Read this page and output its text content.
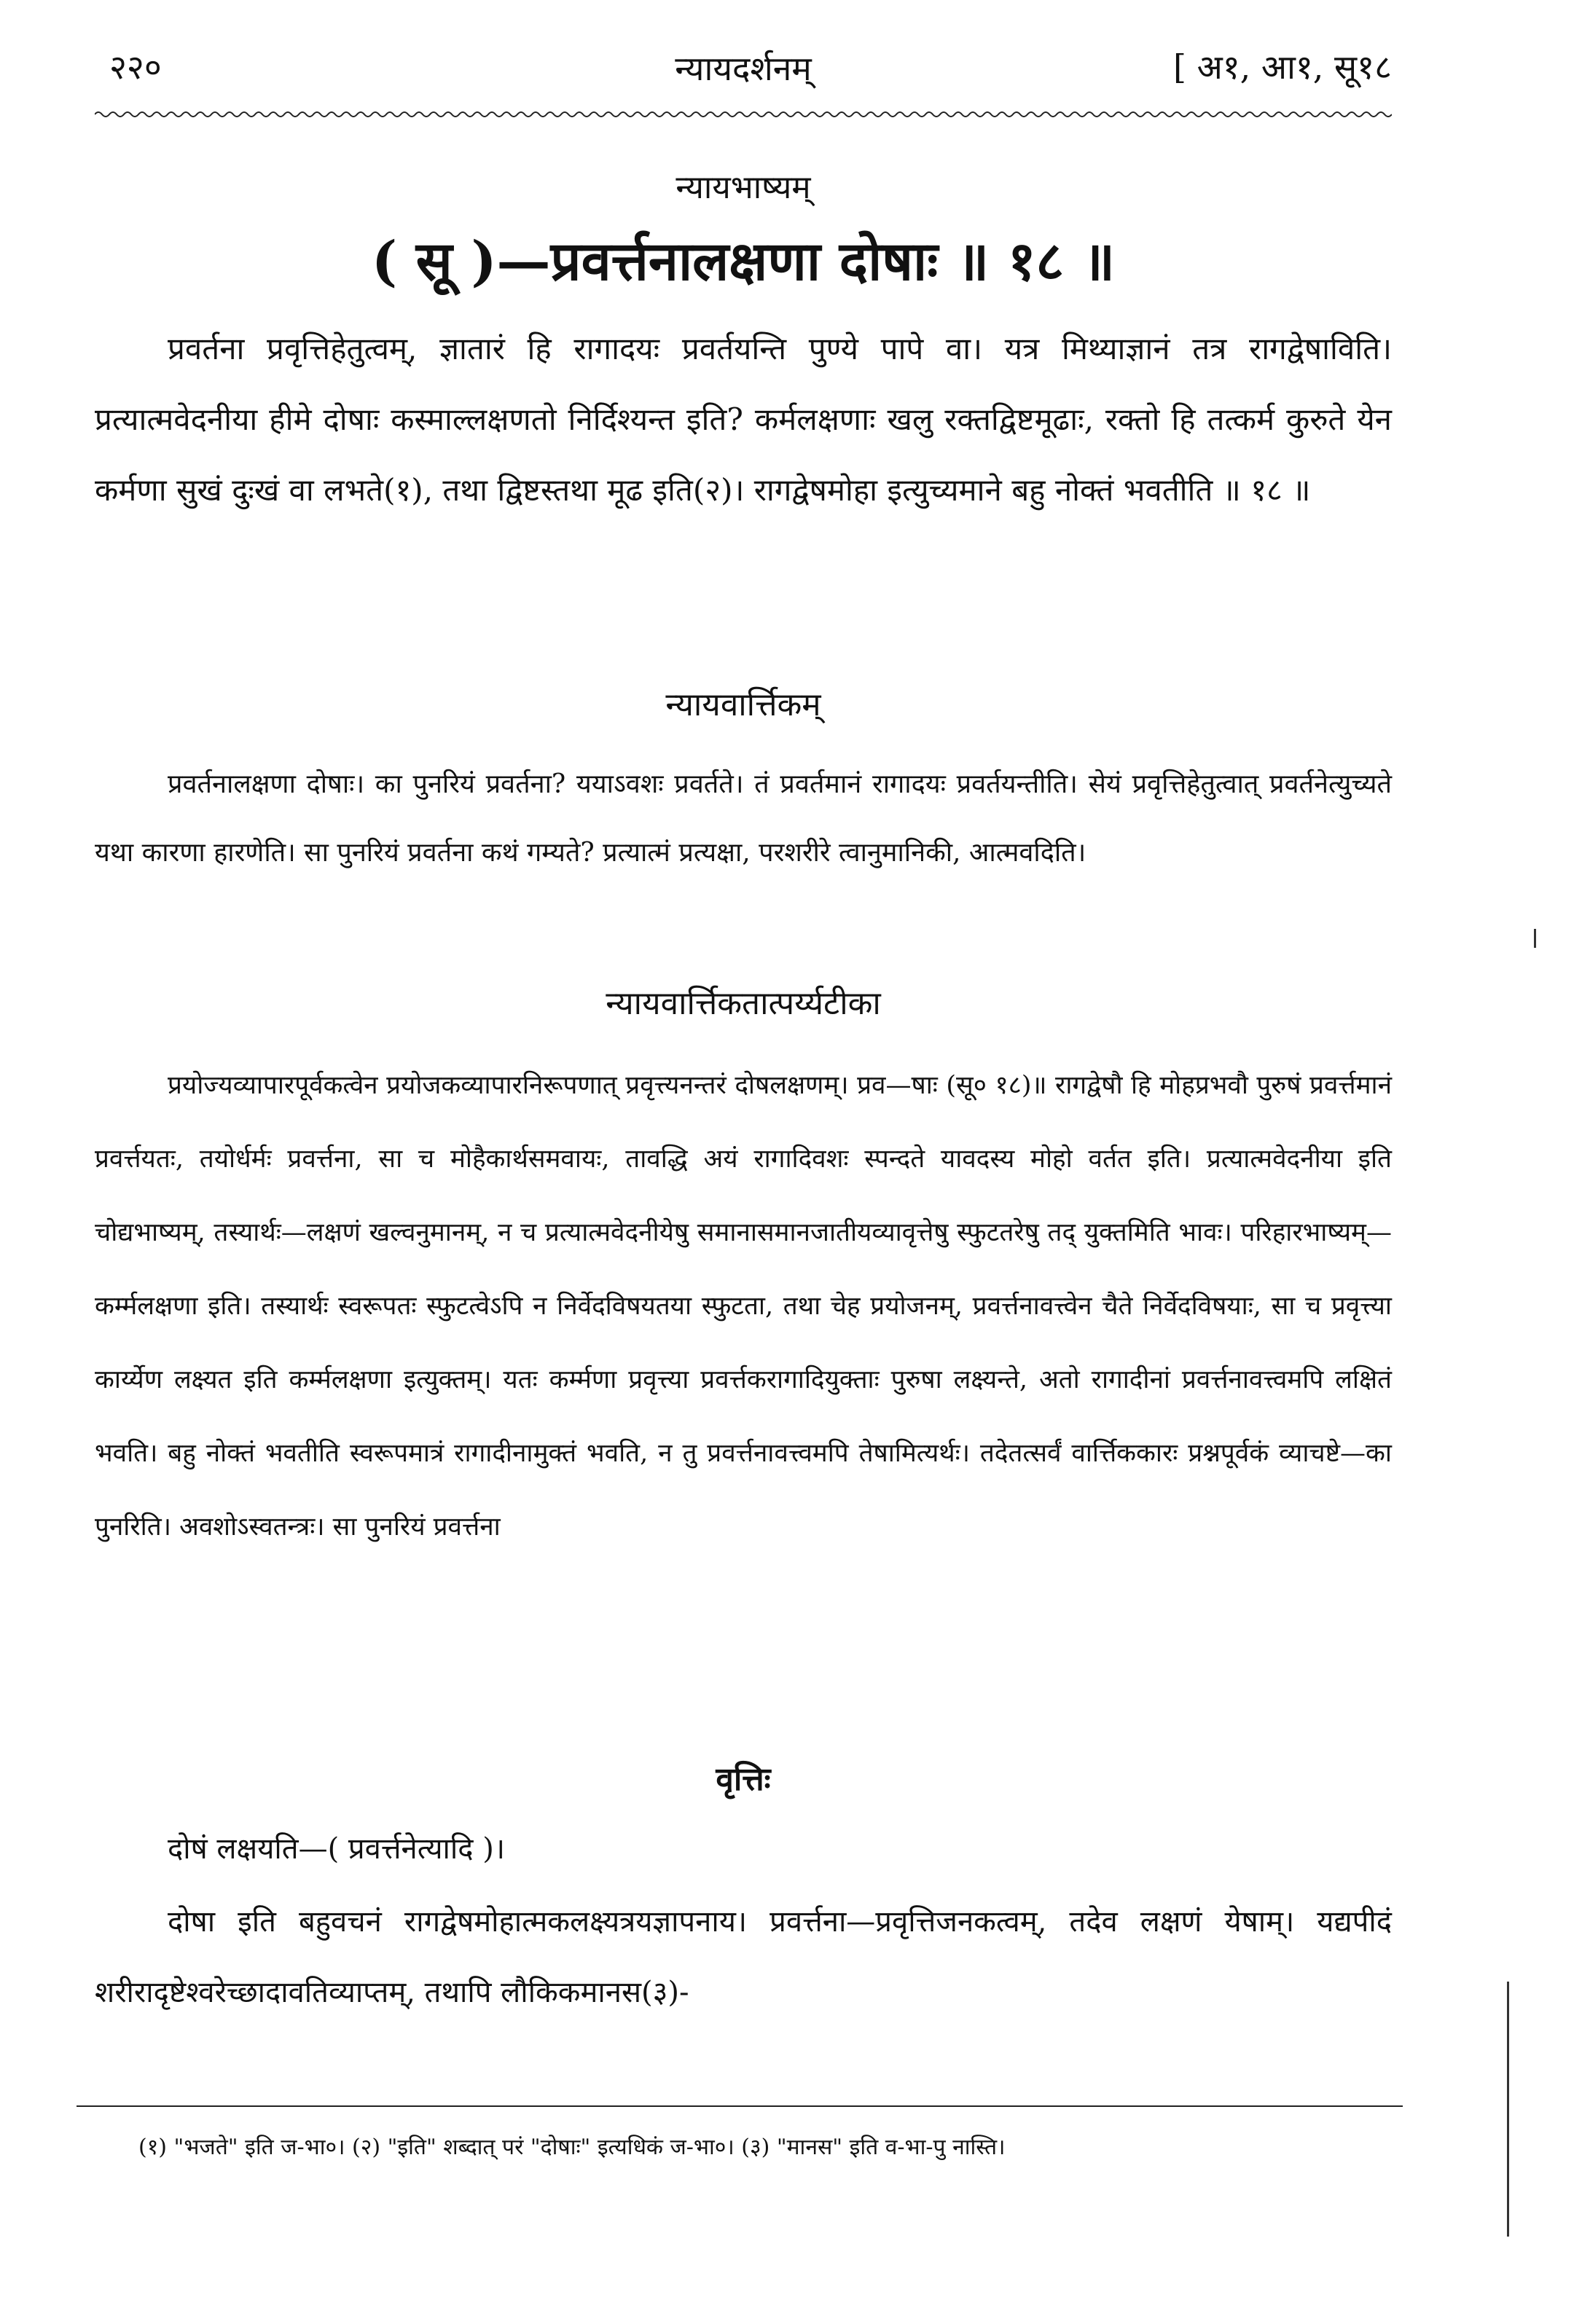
२२०	न्यायदर्शनम्	[ अ१, आ१, सू१८
न्यायभाष्यम्
( सू )—प्रवर्त्तनालक्षणा दोषाः ॥ १८ ॥
प्रवर्तना प्रवृत्तिहेतुत्वम्, ज्ञातारं हि रागादयः प्रवर्तयन्ति पुण्ये पापे वा। यत्र मिथ्याज्ञानं तत्र रागद्वेषाविति। प्रत्यात्मवेदनीया हीमे दोषाः कस्माल्लक्षणतो निर्दिश्यन्त इति? कर्मलक्षणाः खलु रक्तद्विष्टमूढाः, रक्तो हि तत्कर्म कुरुते येन कर्मणा सुखं दुःखं वा लभते(१), तथा द्विष्टस्तथा मूढ इति(२)। रागद्वेषमोहा इत्युच्यमाने बहु नोक्तं भवतीति ॥ १८ ॥
न्यायवार्त्तिकम्
प्रवर्तनालक्षणा दोषाः। का पुनरियं प्रवर्तना? ययाऽवशः प्रवर्तते। तं प्रवर्तमानं रागादयः प्रवर्तयन्तीति। सेयं प्रवृत्तिहेतुत्वात् प्रवर्तनेत्युच्यते यथा कारणा हारणेति। सा पुनरियं प्रवर्तना कथं गम्यते? प्रत्यात्मं प्रत्यक्षा, परशरीरे त्वानुमानिकी, आत्मवदिति।
न्यायवार्त्तिकतात्पर्य्यटीका
प्रयोज्यव्यापारपूर्वकत्वेन प्रयोजकव्यापारनिरूपणात् प्रवृत्त्यनन्तरं दोषलक्षणम्। प्रव—षाः (सू० १८)॥ रागद्वेषौ हि मोहप्रभवौ पुरुषं प्रवर्त्तमानं प्रवर्त्तयतः, तयोर्धर्मः प्रवर्त्तना, सा च मोहैकार्थसमवायः, तावद्धि अयं रागादिवशः स्पन्दते यावदस्य मोहो वर्तत इति। प्रत्यात्मवेदनीया इति चोद्यभाष्यम्, तस्यार्थः—लक्षणं खल्वनुमानम्, न च प्रत्यात्मवेदनीयेषु समानासमानजातीयव्यावृत्तेषु स्फुटतरेषु तद् युक्तमिति भावः। परिहारभाष्यम्—कर्म्मलक्षणा इति। तस्यार्थः स्वरूपतः स्फुटत्वेऽपि न निर्वेदविषयतया स्फुटता, तथा चेह प्रयोजनम्, प्रवर्त्तनावत्त्वेन चैते निर्वेदविषयाः, सा च प्रवृत्त्या कार्य्येण लक्ष्यत इति कर्म्मलक्षणा इत्युक्तम्। यतः कर्म्मणा प्रवृत्त्या प्रवर्त्तकरागादियुक्ताः पुरुषा लक्ष्यन्ते, अतो रागादीनां प्रवर्त्तनावत्त्वमपि लक्षितं भवति। बहु नोक्तं भवतीति स्वरूपमात्रं रागादीनामुक्तं भवति, न तु प्रवर्त्तनावत्त्वमपि तेषामित्यर्थः। तदेतत्सर्वं वार्त्तिककारः प्रश्नपूर्वकं व्याचष्टे—का पुनरिति। अवशोऽस्वतन्त्रः। सा पुनरियं प्रवर्त्तना
वृत्तिः
दोषं लक्षयति—( प्रवर्त्तनेत्यादि )।
दोषा इति बहुवचनं रागद्वेषमोहात्मकलक्ष्यत्रयज्ञापनाय। प्रवर्त्तना—प्रवृत्तिजनकत्वम्, तदेव लक्षणं येषाम्। यद्यपीदं शरीरादृष्टेश्वरेच्छादावतिव्याप्तम्, तथापि लौकिकमानस(३)-
(१) "भजते" इति ज-भा०। (२) "इति" शब्दात् परं "दोषाः" इत्यधिकं ज-भा०। (३) "मानस" इति व-भा-पु नास्ति।
